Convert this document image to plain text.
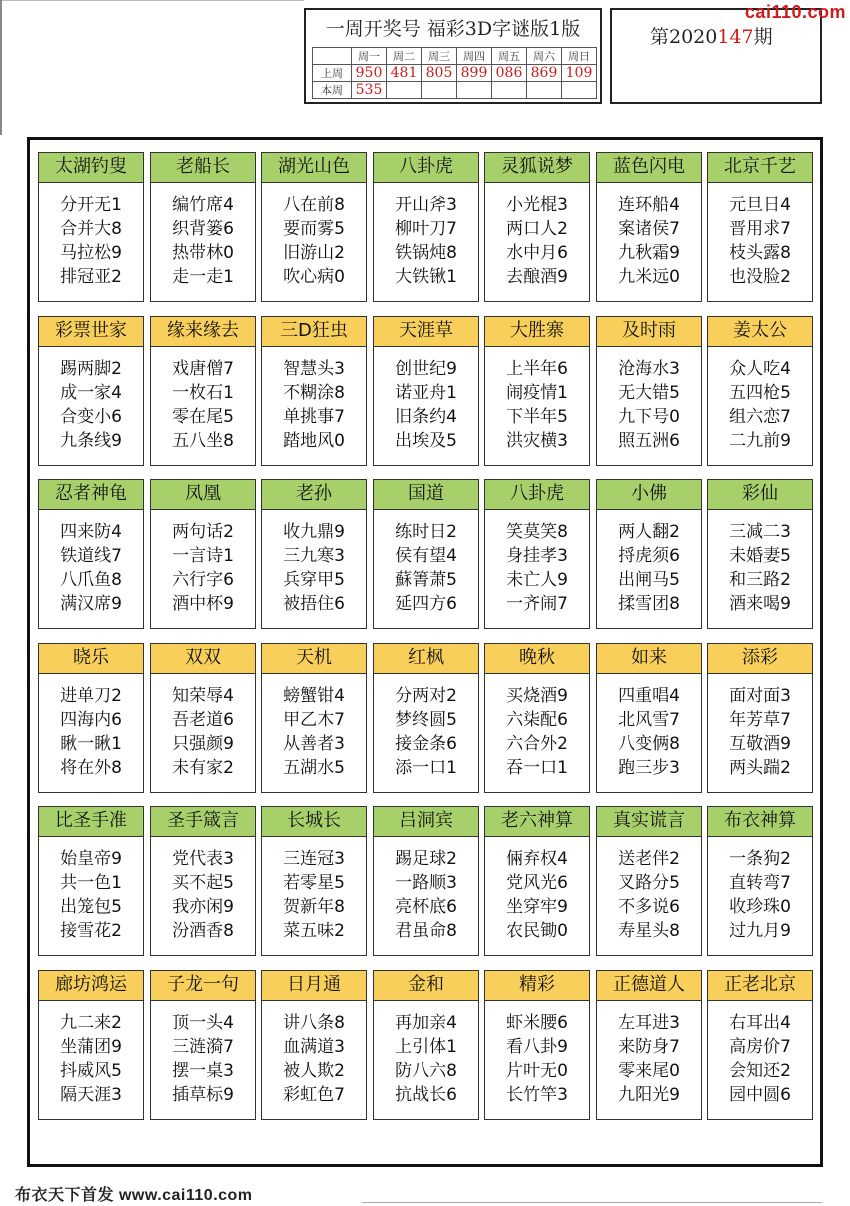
一周开奖号 福彩3D字谜版1版
	周一	周二	周三	周四	周五	周六	周日
上周	950	481	805	899	086	869	109
本周	535						
第2020147期
cai110.com
太湖钓叟
分开无1
合并大8
马拉松9
排冠亚2
老船长
编竹席4
织背篓6
热带林0
走一走1
湖光山色
八在前8
要而雾5
旧游山2
吹心病0
八卦虎
开山斧3
柳叶刀7
铁锅炖8
大铁锹1
灵狐说梦
小光棍3
两口人2
水中月6
去酿酒9
蓝色闪电
连环船4
案诸侯7
九秋霜9
九米远0
北京千艺
元旦日4
晋用求7
枝头露8
也没脸2
彩票世家
踢两脚2
成一家4
合变小6
九条线9
缘来缘去
戏唐僧7
一枚石1
零在尾5
五八坐8
三D狂虫
智慧头3
不糊涂8
单挑事7
踏地风0
天涯草
创世纪9
诺亚舟1
旧条约4
出埃及5
大胜寨
上半年6
闹疫情1
下半年5
洪灾横3
及时雨
沧海水3
无大错5
九下号0
照五洲6
姜太公
众人吃4
五四枪5
组六恋7
二九前9
忍者神龟
四来防4
铁道线7
八爪鱼8
满汉席9
凤凰
两句话2
一言诗1
六行字6
酒中杯9
老孙
收九鼎9
三九寒3
兵穿甲5
被捂住6
国道
练时日2
侯有望4
蘇箐萧5
延四方6
八卦虎
笑莫笑8
身挂孝3
未亡人9
一齐闹7
小佛
两人翻2
捋虎须6
出闸马5
揉雪团8
彩仙
三减二3
未婚妻5
和三路2
酒来喝9
晓乐
进单刀2
四海内6
瞅一瞅1
将在外8
双双
知荣辱4
吾老道6
只强颜9
未有家2
天机
螃蟹钳4
甲乙木7
从善者3
五湖水5
红枫
分两对2
梦终圆5
接金条6
添一口1
晚秋
买烧酒9
六柒配6
六合外2
吞一口1
如来
四重唱4
北风雪7
八变俩8
跑三步3
添彩
面对面3
年芳草7
互敬酒9
两头踹2
比圣手准
始皇帝9
共一色1
出笼包5
接雪花2
圣手箴言
党代表3
买不起5
我亦闲9
汾酒香8
长城长
三连冠3
若零星5
贺新年8
菜五味2
吕洞宾
踢足球2
一路顺3
亮杯底6
君虽命8
老六神算
倆弃权4
党风光6
坐穿牢9
农民锄0
真实谎言
送老伴2
叉路分5
不多说6
寿星头8
布衣神算
一条狗2
直转弯7
收珍珠0
过九月9
廊坊鸿运
九二来2
坐蒲团9
抖威风5
隔天涯3
子龙一句
顶一头4
三涟漪7
摆一桌3
插草标9
日月通
讲八条8
血满道3
被人欺2
彩虹色7
金和
再加亲4
上引体1
防八六8
抗战长6
精彩
虾米腰6
看八卦9
片叶无0
长竹竿3
正德道人
左耳进3
来防身7
零来尾0
九阳光9
正老北京
右耳出4
高房价7
会知还2
园中圆6
布衣天下首发 www.cai110.com
